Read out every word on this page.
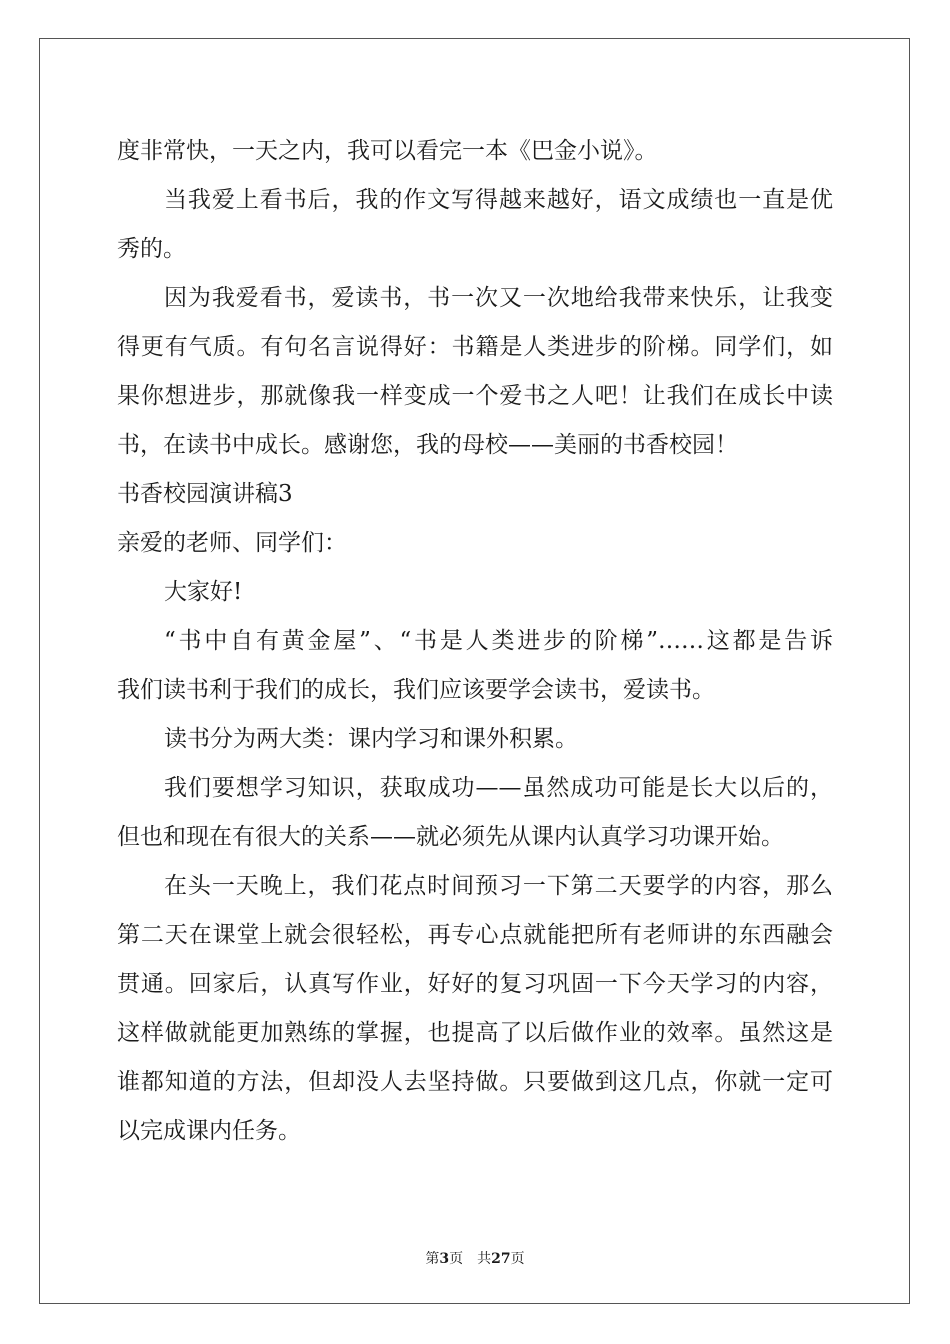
度非常快，一天之内，我可以看完一本《巴金小说》。
当我爱上看书后，我的作文写得越来越好，语文成绩也一直是优
秀的。
因为我爱看书，爱读书，书一次又一次地给我带来快乐，让我变
得更有气质。有句名言说得好：书籍是人类进步的阶梯。同学们，如
果你想进步，那就像我一样变成一个爱书之人吧！让我们在成长中读
书，在读书中成长。感谢您，我的母校——美丽的书香校园！
书香校园演讲稿3
亲爱的老师、同学们：
大家好!
“书中自有黄金屋”、“书是人类进步的阶梯”……这都是告诉
我们读书利于我们的成长，我们应该要学会读书，爱读书。
读书分为两大类：课内学习和课外积累。
我们要想学习知识，获取成功——虽然成功可能是长大以后的，
但也和现在有很大的关系——就必须先从课内认真学习功课开始。
在头一天晚上，我们花点时间预习一下第二天要学的内容，那么
第二天在课堂上就会很轻松，再专心点就能把所有老师讲的东西融会
贯通。回家后，认真写作业，好好的复习巩固一下今天学习的内容，
这样做就能更加熟练的掌握，也提高了以后做作业的效率。虽然这是
谁都知道的方法，但却没人去坚持做。只要做到这几点，你就一定可
以完成课内任务。
第3页 共27页
